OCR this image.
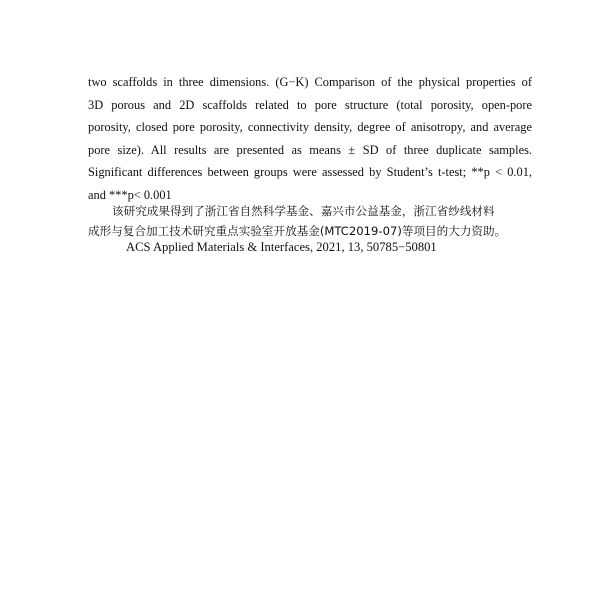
two scaffolds in three dimensions. (G−K) Comparison of the physical properties of
3D porous and 2D scaffolds related to pore structure (total porosity, open-pore
porosity, closed pore porosity, connectivity density, degree of anisotropy, and average
pore size). All results are presented as means ± SD of three duplicate samples.
Significant differences between groups were assessed by Student’s t-test; **p < 0.01,
and ***p< 0.001
该研究成果得到了浙江省自然科学基金、嘉兴市公益基金，浙江省纱线材料
成形与复合加工技术研究重点实验室开放基金(MTC2019-07)等项目的大力资助。
ACS Applied Materials & Interfaces, 2021, 13, 50785−50801
